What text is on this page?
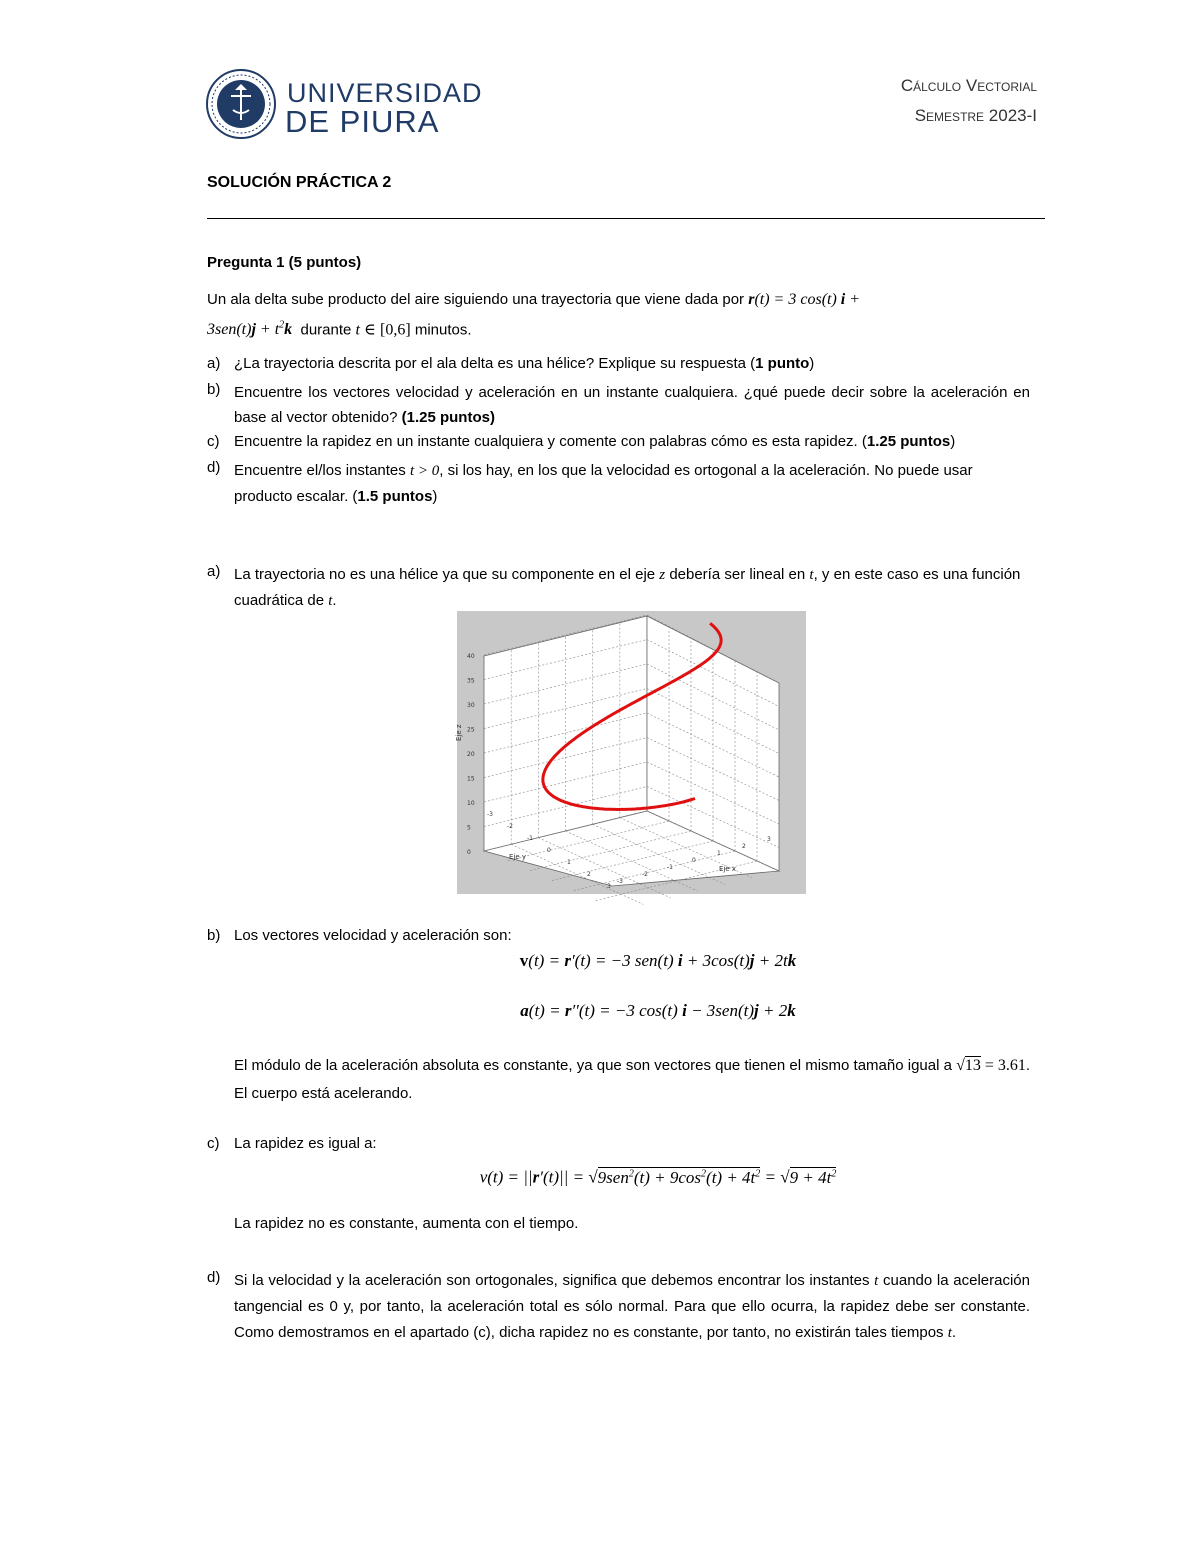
UNIVERSIDAD
DE PIURA
Cálculo Vectorial
Semestre 2023-I
SOLUCIÓN PRÁCTICA 2
Pregunta 1 (5 puntos)
Un ala delta sube producto del aire siguiendo una trayectoria que viene dada por r(t) = 3 cos(t) i +
$3sen(t)j + t^2k$ durante t ∈ [0,6] minutos.
a) ¿La trayectoria descrita por el ala delta es una hélice? Explique su respuesta (1 punto)
b) Encuentre los vectores velocidad y aceleración en un instante cualquiera. ¿qué puede decir sobre la aceleración en base al vector obtenido? (1.25 puntos)
c) Encuentre la rapidez en un instante cualquiera y comente con palabras cómo es esta rapidez. (1.25 puntos)
d) Encuentre el/los instantes t > 0, si los hay, en los que la velocidad es ortogonal a la aceleración. No puede usar producto escalar. (1.5 puntos)
a) La trayectoria no es una hélice ya que su componente en el eje z debería ser lineal en t, y en este caso es una función cuadrática de t.
0
5
10
15
20
25
30
35
40
-3
-2
-1
0
1
2
3
-3
-2
-1
0
1
2
3
Eje x
Eje y
Eje z
b) Los vectores velocidad y aceleración son:
v(t) = r′(t) = −3 sen(t) i + 3cos(t)j + 2tk
a(t) = r′′(t) = −3 cos(t) i − 3sen(t)j + 2k
El módulo de la aceleración absoluta es constante, ya que son vectores que tienen el mismo tamaño igual a √13 = 3.61. El cuerpo está acelerando.
c) La rapidez es igual a:
$v(t) = ||r'(t)|| = √9sen^2(t) + 9\cos^2(t) + 4t^2 = √9 + 4t^2$
La rapidez no es constante, aumenta con el tiempo.
d) Si la velocidad y la aceleración son ortogonales, significa que debemos encontrar los instantes t cuando la aceleración tangencial es 0 y, por tanto, la aceleración total es sólo normal. Para que ello ocurra, la rapidez debe ser constante. Como demostramos en el apartado (c), dicha rapidez no es constante, por tanto, no existirán tales tiempos t.
